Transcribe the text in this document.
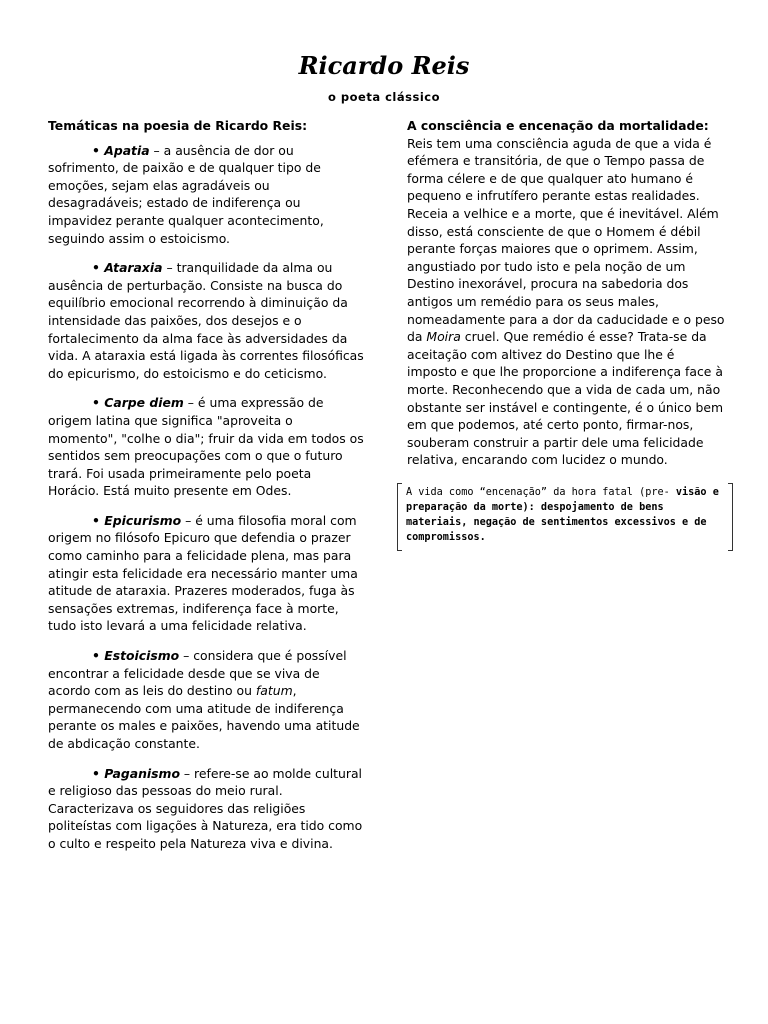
Ricardo Reis
o poeta clássico

Temáticas na poesia de Ricardo Reis:

• Apatia – a ausência de dor ou sofrimento, de paixão e de qualquer tipo de emoções, sejam elas agradáveis ou desagradáveis; estado de indiferença ou impavidez perante qualquer acontecimento, seguindo assim o estoicismo.

• Ataraxia – tranquilidade da alma ou ausência de perturbação. Consiste na busca do equilíbrio emocional recorrendo à diminuição da intensidade das paixões, dos desejos e o fortalecimento da alma face às adversidades da vida. A ataraxia está ligada às correntes filosóficas do epicurismo, do estoicismo e do ceticismo.

• Carpe diem – é uma expressão de origem latina que significa "aproveita o momento", "colhe o dia"; fruir da vida em todos os sentidos sem preocupações com o que o futuro trará. Foi usada primeiramente pelo poeta Horácio. Está muito presente em Odes.

• Epicurismo – é uma filosofia moral com origem no filósofo Epicuro que defendia o prazer como caminho para a felicidade plena, mas para atingir esta felicidade era necessário manter uma atitude de ataraxia. Prazeres moderados, fuga às sensações extremas, indiferença face à morte, tudo isto levará a uma felicidade relativa.

• Estoicismo – considera que é possível encontrar a felicidade desde que se viva de acordo com as leis do destino ou fatum, permanecendo com uma atitude de indiferença perante os males e paixões, havendo uma atitude de abdicação constante.

• Paganismo – refere-se ao molde cultural e religioso das pessoas do meio rural. Caracterizava os seguidores das religiões politeístas com ligações à Natureza, era tido como o culto e respeito pela Natureza viva e divina.

A consciência e encenação da mortalidade:

Reis tem uma consciência aguda de que a vida é efémera e transitória, de que o Tempo passa de forma célere e de que qualquer ato humano é pequeno e infrutífero perante estas realidades. Receia a velhice e a morte, que é inevitável. Além disso, está consciente de que o Homem é débil perante forças maiores que o oprimem. Assim, angustiado por tudo isto e pela noção de um Destino inexorável, procura na sabedoria dos antigos um remédio para os seus males, nomeadamente para a dor da caducidade e o peso da Moira cruel. Que remédio é esse? Trata-se da aceitação com altivez do Destino que lhe é imposto e que lhe proporcione a indiferença face à morte. Reconhecendo que a vida de cada um, não obstante ser instável e contingente, é o único bem em que podemos, até certo ponto, firmar-nos, souberam construir a partir dele uma felicidade relativa, encarando com lucidez o mundo.

A vida como “encenação” da hora fatal (pre- visão e preparação da morte): despojamento de bens materiais, negação de sentimentos excessivos e de compromissos.
